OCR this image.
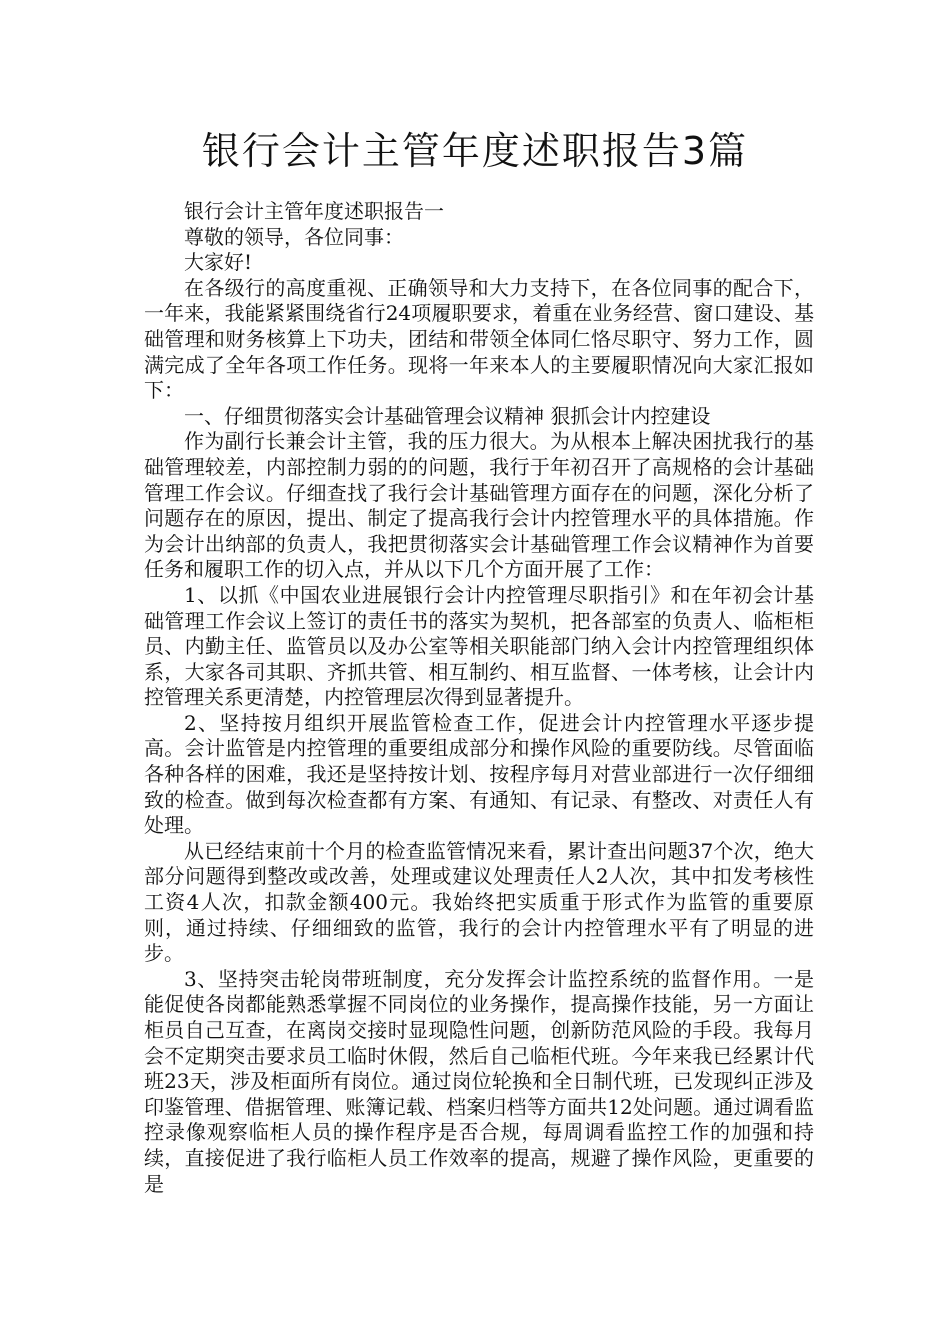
银行会计主管年度述职报告3篇

银行会计主管年度述职报告一

尊敬的领导，各位同事：

大家好!

在各级行的高度重视、正确领导和大力支持下，在各位同事的配合下，一年来，我能紧紧围绕省行24项履职要求，着重在业务经营、窗口建设、基础管理和财务核算上下功夫，团结和带领全体同仁恪尽职守、努力工作，圆满完成了全年各项工作任务。现将一年来本人的主要履职情况向大家汇报如下：

一、仔细贯彻落实会计基础管理会议精神 狠抓会计内控建设

作为副行长兼会计主管，我的压力很大。为从根本上解决困扰我行的基础管理较差，内部控制力弱的的问题，我行于年初召开了高规格的会计基础管理工作会议。仔细查找了我行会计基础管理方面存在的问题，深化分析了问题存在的原因，提出、制定了提高我行会计内控管理水平的具体措施。作为会计出纳部的负责人，我把贯彻落实会计基础管理工作会议精神作为首要任务和履职工作的切入点，并从以下几个方面开展了工作：

1、以抓《中国农业进展银行会计内控管理尽职指引》和在年初会计基础管理工作会议上签订的责任书的落实为契机，把各部室的负责人、临柜柜员、内勤主任、监管员以及办公室等相关职能部门纳入会计内控管理组织体系，大家各司其职、齐抓共管、相互制约、相互监督、一体考核，让会计内控管理关系更清楚，内控管理层次得到显著提升。

2、坚持按月组织开展监管检查工作，促进会计内控管理水平逐步提高。会计监管是内控管理的重要组成部分和操作风险的重要防线。尽管面临各种各样的困难，我还是坚持按计划、按程序每月对营业部进行一次仔细细致的检查。做到每次检查都有方案、有通知、有记录、有整改、对责任人有处理。

从已经结束前十个月的检查监管情况来看，累计查出问题37个次，绝大部分问题得到整改或改善，处理或建议处理责任人2人次，其中扣发考核性工资4人次，扣款金额400元。我始终把实质重于形式作为监管的重要原则，通过持续、仔细细致的监管，我行的会计内控管理水平有了明显的进步。

3、坚持突击轮岗带班制度，充分发挥会计监控系统的监督作用。一是能促使各岗都能熟悉掌握不同岗位的业务操作，提高操作技能，另一方面让柜员自己互查，在离岗交接时显现隐性问题，创新防范风险的手段。我每月会不定期突击要求员工临时休假，然后自己临柜代班。今年来我已经累计代班23天，涉及柜面所有岗位。通过岗位轮换和全日制代班，已发现纠正涉及印鉴管理、借据管理、账簿记载、档案归档等方面共12处问题。通过调看监控录像观察临柜人员的操作程序是否合规，每周调看监控工作的加强和持续，直接促进了我行临柜人员工作效率的提高，规避了操作风险，更重要的是
